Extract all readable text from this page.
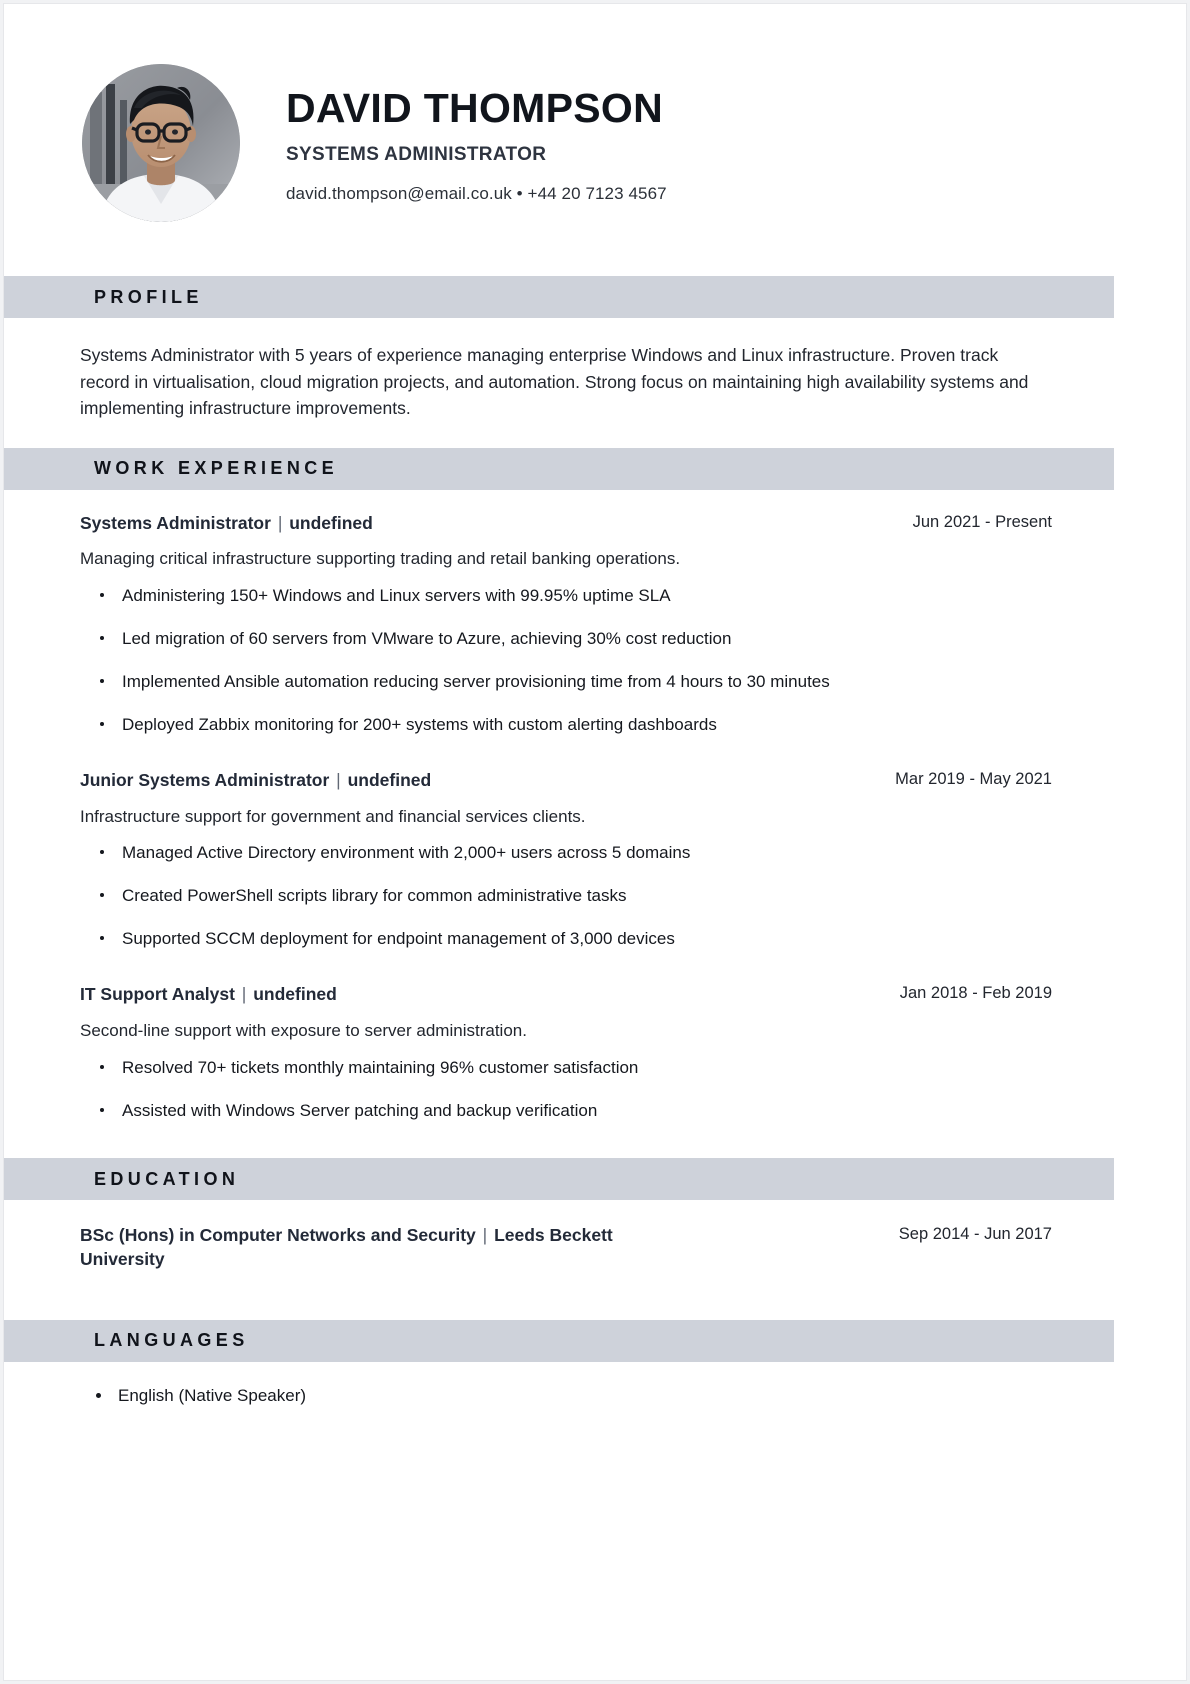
DAVID THOMPSON
SYSTEMS ADMINISTRATOR
david.thompson@email.co.uk • +44 20 7123 4567
PROFILE
Systems Administrator with 5 years of experience managing enterprise Windows and Linux infrastructure. Proven track record in virtualisation, cloud migration projects, and automation. Strong focus on maintaining high availability systems and implementing infrastructure improvements.
WORK EXPERIENCE
Systems Administrator | undefined	Jun 2021 - Present
Managing critical infrastructure supporting trading and retail banking operations.
Administering 150+ Windows and Linux servers with 99.95% uptime SLA
Led migration of 60 servers from VMware to Azure, achieving 30% cost reduction
Implemented Ansible automation reducing server provisioning time from 4 hours to 30 minutes
Deployed Zabbix monitoring for 200+ systems with custom alerting dashboards
Junior Systems Administrator | undefined	Mar 2019 - May 2021
Infrastructure support for government and financial services clients.
Managed Active Directory environment with 2,000+ users across 5 domains
Created PowerShell scripts library for common administrative tasks
Supported SCCM deployment for endpoint management of 3,000 devices
IT Support Analyst | undefined	Jan 2018 - Feb 2019
Second-line support with exposure to server administration.
Resolved 70+ tickets monthly maintaining 96% customer satisfaction
Assisted with Windows Server patching and backup verification
EDUCATION
BSc (Hons) in Computer Networks and Security | Leeds Beckett University
Sep 2014 - Jun 2017
LANGUAGES
English (Native Speaker)
